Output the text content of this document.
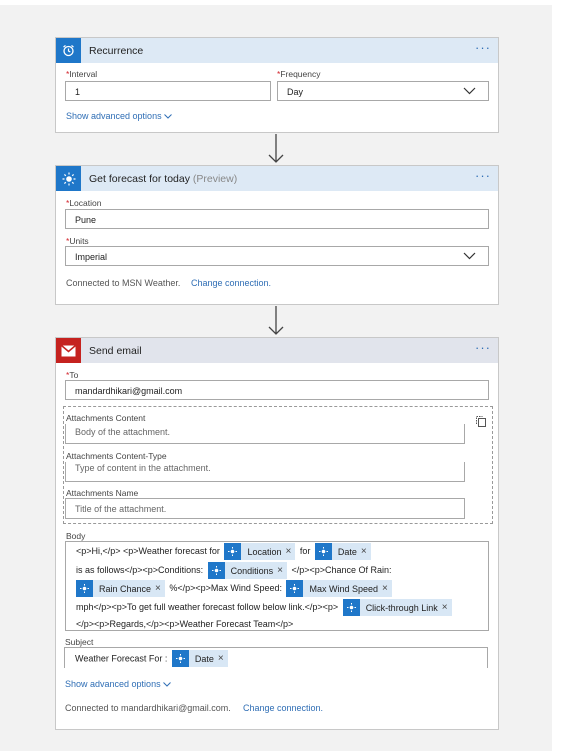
Recurrence	···
*Interval
1
*Frequency
Day
Show advanced options
Get forecast for today (Preview)	···
*Location
Pune
*Units
Imperial
Connected to MSN Weather. Change connection.
Send email	···
*To
mandardhikari@gmail.com
Attachments Content
Body of the attachment.
Attachments Content-Type
Type of content in the attachment.
Attachments Name
Title of the attachment.
Body
<p>Hi,</p> <p>Weather forecast for	Location × for	Date ×
is as follows</p><p>Conditions:	Conditions × </p><p>Chance Of Rain:
Rain Chance × %</p><p>Max Wind Speed:	Max Wind Speed ×
mph</p><p>To get full weather forecast follow below link.</p><p>	Click-through Link ×
</p><p>Regards,</p><p>Weather Forecast Team</p>
Subject
Weather Forecast For :	Date ×
Show advanced options
Connected to mandardhikari@gmail.com. Change connection.
